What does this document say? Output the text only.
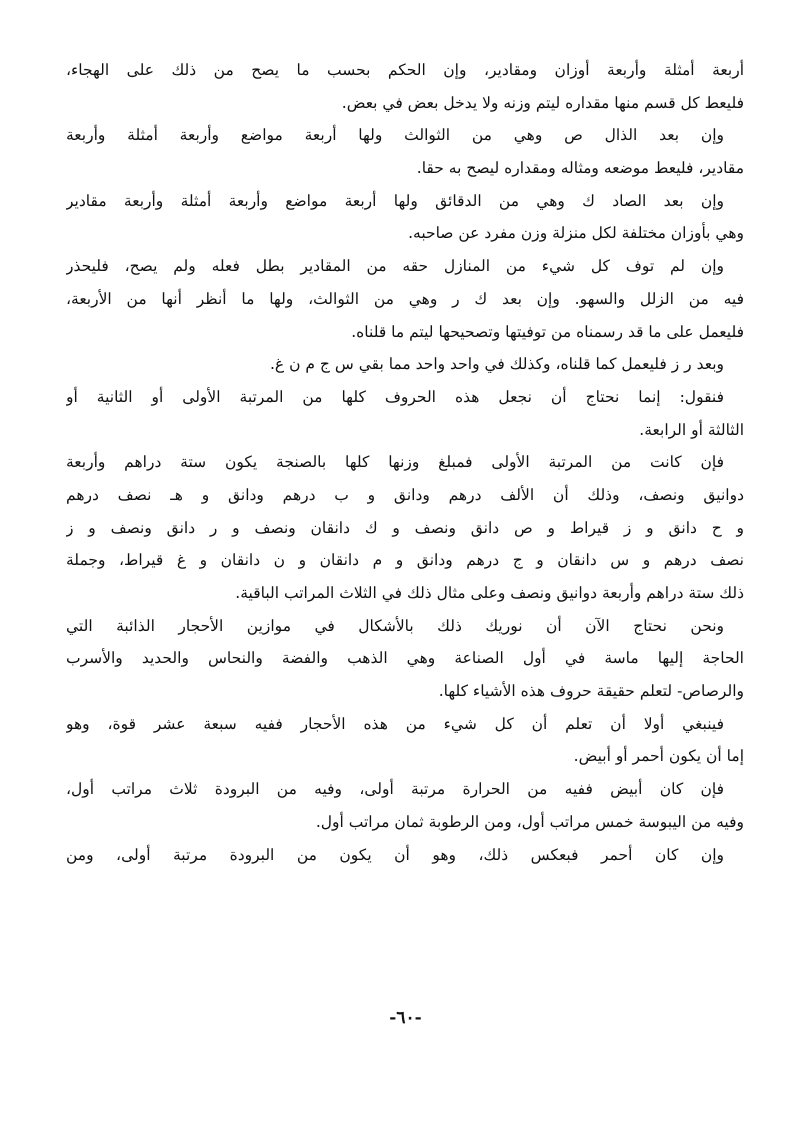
أربعة أمثلة وأربعة أوزان ومقادير، وإن الحكم بحسب ما يصح من ذلك على الهجاء،
فليعط كل قسم منها مقداره ليتم وزنه ولا يدخل بعض في بعض.
وإن بعد الذال ص وهي من الثوالث ولها أربعة مواضع وأربعة أمثلة وأربعة
مقادير، فليعط موضعه ومثاله ومقداره ليصح به حقا.
وإن بعد الصاد ك وهي من الدقائق ولها أربعة مواضع وأربعة أمثلة وأربعة مقادير
وهي بأوزان مختلفة لكل منزلة وزن مفرد عن صاحبه.
وإن لم توف كل شيء من المنازل حقه من المقادير بطل فعله ولم يصح، فليحذر
فيه من الزلل والسهو. وإن بعد ك ر وهي من الثوالث، ولها ما أنظر أنها من الأربعة،
فليعمل على ما قد رسمناه من توفيتها وتصحيحها ليتم ما قلناه.
وبعد ر ز فليعمل كما قلناه، وكذلك في واحد واحد مما بقي س ج م ن غ.
فنقول: إنما نحتاج أن نجعل هذه الحروف كلها من المرتبة الأولى أو الثانية أو
الثالثة أو الرابعة.
فإن كانت من المرتبة الأولى فمبلغ وزنها كلها بالصنجة يكون ستة دراهم وأربعة
دوانيق ونصف، وذلك أن الألف درهم ودانق و ب درهم ودانق و هـ نصف درهم
و ح دانق و ز قيراط و ص دانق ونصف و ك دانقان ونصف و ر دانق ونصف و ز
نصف درهم و س دانقان و ج درهم ودانق و م دانقان و ن دانقان و غ قيراط، وجملة
ذلك ستة دراهم وأربعة دوانيق ونصف وعلى مثال ذلك في الثلاث المراتب الباقية.
ونحن نحتاج الآن أن نوريك ذلك بالأشكال في موازين الأحجار الذائبة التي
الحاجة إليها ماسة في أول الصناعة وهي الذهب والفضة والنحاس والحديد والأسرب
والرصاص- لتعلم حقيقة حروف هذه الأشياء كلها.
فينبغي أولا أن تعلم أن كل شيء من هذه الأحجار ففيه سبعة عشر قوة، وهو
إما أن يكون أحمر أو أبيض.
فإن كان أبيض ففيه من الحرارة مرتبة أولى، وفيه من البرودة ثلاث مراتب أول،
وفيه من اليبوسة خمس مراتب أول، ومن الرطوبة ثمان مراتب أول.
وإن كان أحمر فبعكس ذلك، وهو أن يكون من البرودة مرتبة أولى، ومن
-٦٠-
